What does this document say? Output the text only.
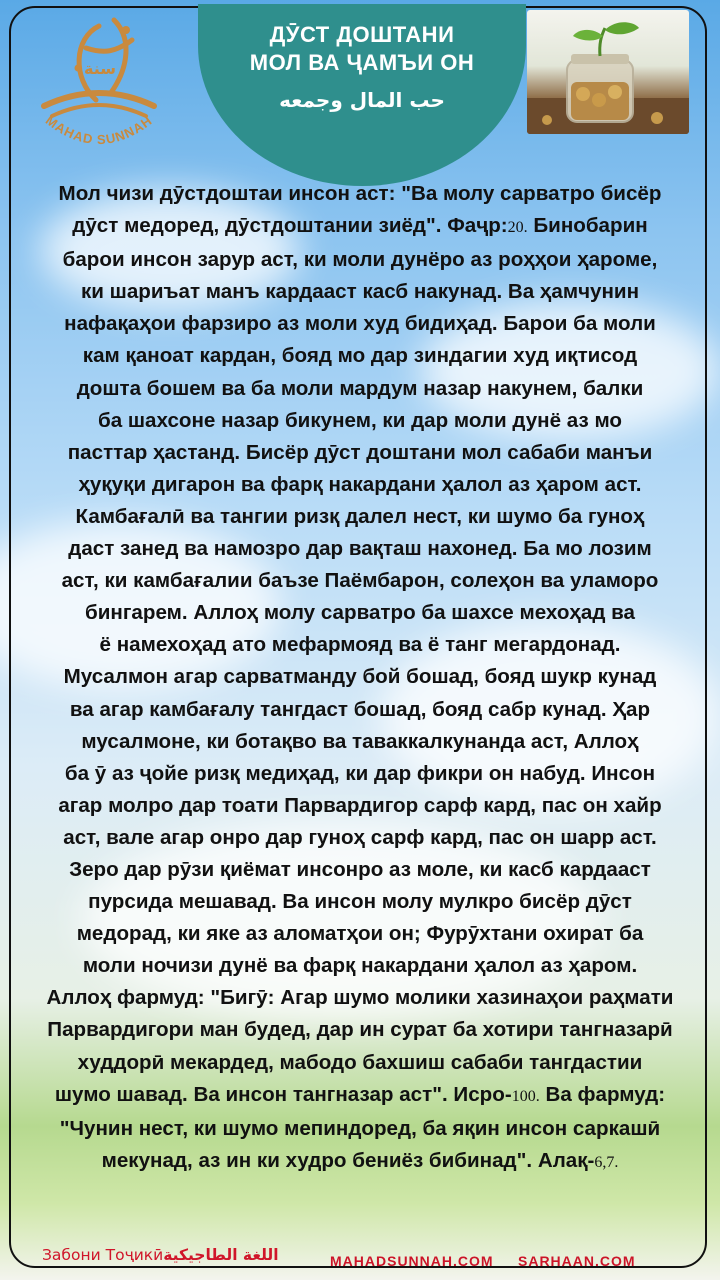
سنة
MAHAD SUNNAH
ДӮСТ ДОШТАНИ
МОЛ ВА ҶАМЪИ ОН
حب المال وجمعه
Мол чизи дӯстдоштаи инсон аст: "Ва молу сарватро бисёр
дӯст медоред, дӯстдоштании зиёд". Фаҷр:20. Бинобарин
барои инсон зарур аст, ки моли дунёро аз роҳҳои ҳароме,
ки шариъат манъ кардааст касб накунад. Ва ҳамчунин
нафақаҳои фарзиро аз моли худ бидиҳад. Барои ба моли
кам қаноат кардан, бояд мо дар зиндагии худ иқтисод
дошта бошем ва ба моли мардум назар накунем, балки
ба шахсоне назар бикунем, ки дар моли дунё аз мо
пасттар ҳастанд. Бисёр дӯст доштани мол сабаби манъи
ҳуқуқи дигарон ва фарқ накардани ҳалол аз ҳаром аст.
Камбағалӣ ва тангии ризқ далел нест, ки шумо ба гуноҳ
даст занед ва намозро дар вақташ нахонед. Ба мо лозим
аст, ки камбағалии баъзе Паёмбарон, солеҳон ва уламоро
бингарем. Аллоҳ молу сарватро ба шахсе мехоҳад ва
ё намехоҳад ато мефармояд ва ё танг мегардонад.
Мусалмон агар сарватманду бой бошад, бояд шукр кунад
ва агар камбағалу тангдаст бошад, бояд сабр кунад. Ҳар
мусалмоне, ки ботақво ва таваккалкунанда аст, Аллоҳ
ба ӯ аз ҷойе ризқ медиҳад, ки дар фикри он набуд. Инсон
агар молро дар тоати Парвардигор сарф кард, пас он хайр
аст, вале агар онро дар гуноҳ сарф кард, пас он шарр аст.
Зеро дар рӯзи қиёмат инсонро аз моле, ки касб кардааст
пурсида мешавад. Ва инсон молу мулкро бисёр дӯст
медорад, ки яке аз аломатҳои он; Фурӯхтани охират ба
моли ночизи дунё ва фарқ накардани ҳалол аз ҳаром.
Аллоҳ фармуд: "Бигӯ: Агар шумо молики хазинаҳои раҳмати
Парвардигори ман будед, дар ин сурат ба хотири тангназарӣ
худдорӣ мекардед, мабодо бахшиш сабаби тангдастии
шумо шавад. Ва инсон тангназар аст". Исро-100. Ва фармуд:
"Чунин нест, ки шумо мепиндоред, ба яқин инсон саркашӣ
мекунад, аз ин ки худро бениёз бибинад". Алақ-6,7.
Забони Тоҷикӣاللغة الطاجيكية	MAHADSUNNAH.COM SARHAAN.COM
